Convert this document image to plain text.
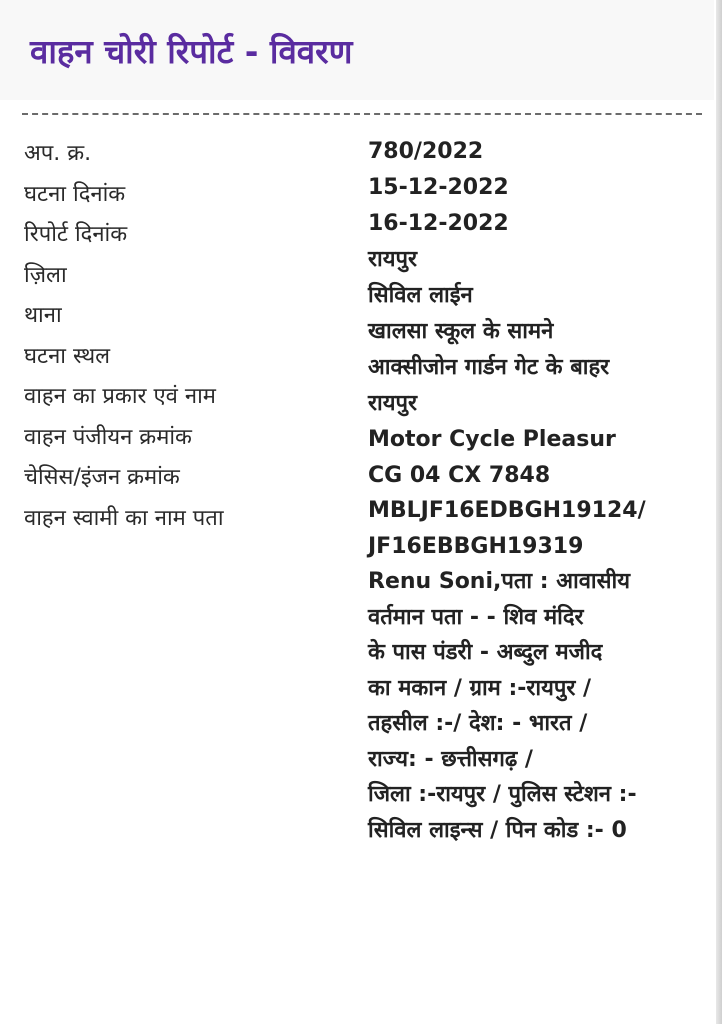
वाहन चोरी रिपोर्ट - विवरण
अप. क्र.
घटना दिनांक
रिपोर्ट दिनांक
ज़िला
थाना
घटना स्थल
वाहन का प्रकार एवं नाम
वाहन पंजीयन क्रमांक
चेसिस/इंजन क्रमांक
वाहन स्वामी का नाम पता
780/2022
15-12-2022
16-12-2022
रायपुर
सिविल लाईन
खालसा स्कूल के सामने
आक्सीजोन गार्डन गेट के बाहर
रायपुर
Motor Cycle Pleasur
CG 04 CX 7848
MBLJF16EDBGH19124/
JF16EBBGH19319
Renu Soni,पता : आवासीय
वर्तमान पता - - शिव मंदिर
के पास पंडरी - अब्दुल मजीद
का मकान / ग्राम :-रायपुर /
तहसील :-/ देश: - भारत /
राज्य: - छत्तीसगढ़ /
जिला :-रायपुर / पुलिस स्टेशन :-
सिविल लाइन्स / पिन कोड :- 0
